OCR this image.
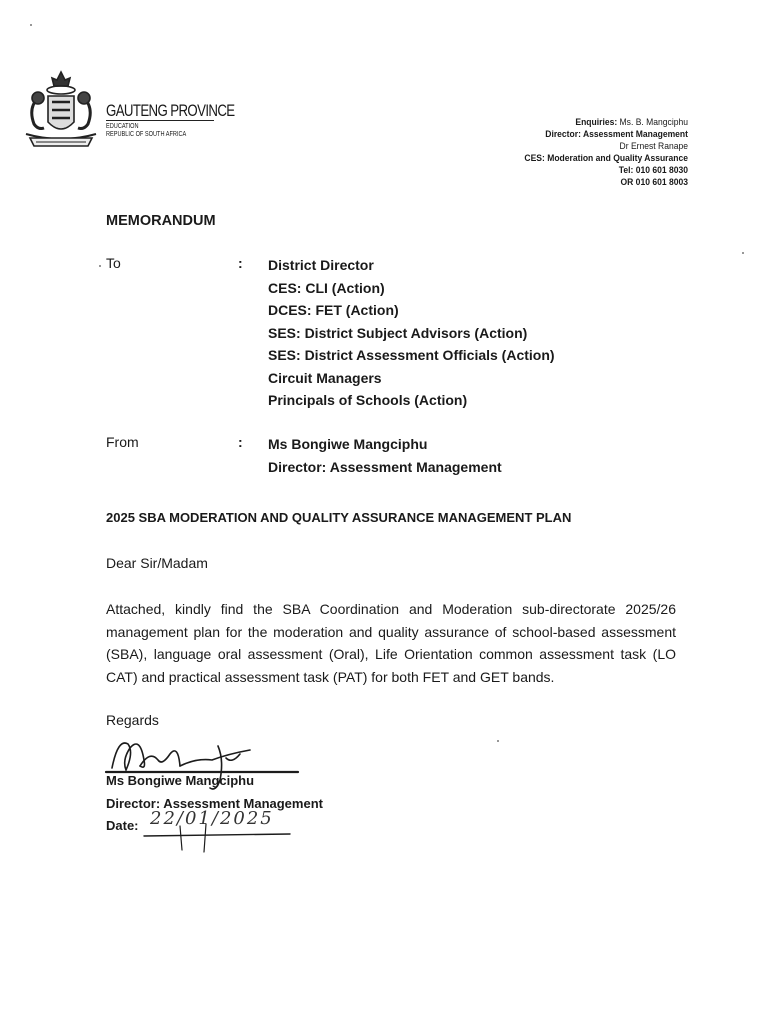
GAUTENG PROVINCE
EDUCATION
REPUBLIC OF SOUTH AFRICA
Enquiries: Ms. B. Mangciphu
Director: Assessment Management
Dr Ernest Ranape
CES: Moderation and Quality Assurance
Tel: 010 601 8030
OR 010 601 8003
MEMORANDUM
To	: District Director
CES: CLI (Action)
DCES: FET (Action)
SES: District Subject Advisors (Action)
SES: District Assessment Officials (Action)
Circuit Managers
Principals of Schools (Action)
From	: Ms Bongiwe Mangciphu
Director: Assessment Management
2025 SBA MODERATION AND QUALITY ASSURANCE MANAGEMENT PLAN
Dear Sir/Madam
Attached, kindly find the SBA Coordination and Moderation sub-directorate 2025/26 management plan for the moderation and quality assurance of school-based assessment (SBA), language oral assessment (Oral), Life Orientation common assessment task (LO CAT) and practical assessment task (PAT) for both FET and GET bands.
Regards
Ms Bongiwe Mangciphu
Director: Assessment Management
Date: 22/01/2025
